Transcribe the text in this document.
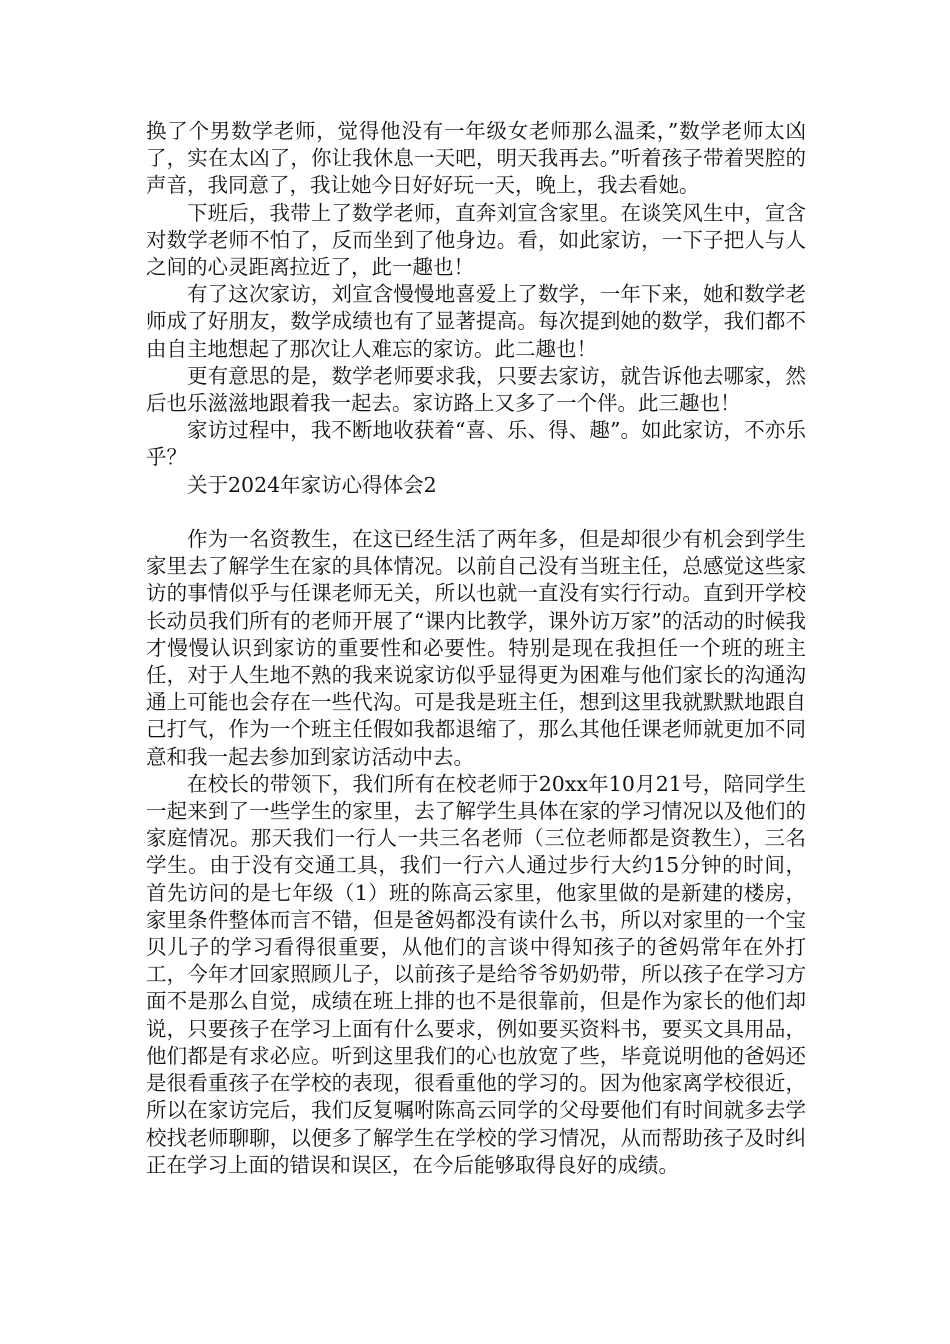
换了个男数学老师，觉得他没有一年级女老师那么温柔，”数学老师太凶了，实在太凶了，你让我休息一天吧，明天我再去。”听着孩子带着哭腔的声音，我同意了，我让她今日好好玩一天，晚上，我去看她。

下班后，我带上了数学老师，直奔刘宣含家里。在谈笑风生中，宣含对数学老师不怕了，反而坐到了他身边。看，如此家访，一下子把人与人之间的心灵距离拉近了，此一趣也！

有了这次家访，刘宣含慢慢地喜爱上了数学，一年下来，她和数学老师成了好朋友，数学成绩也有了显著提高。每次提到她的数学，我们都不由自主地想起了那次让人难忘的家访。此二趣也！

更有意思的是，数学老师要求我，只要去家访，就告诉他去哪家，然后也乐滋滋地跟着我一起去。家访路上又多了一个伴。此三趣也！

家访过程中，我不断地收获着“喜、乐、得、趣”。如此家访，不亦乐乎？

关于2024年家访心得体会2

作为一名资教生，在这已经生活了两年多，但是却很少有机会到学生家里去了解学生在家的具体情况。以前自己没有当班主任，总感觉这些家访的事情似乎与任课老师无关，所以也就一直没有实行行动。直到开学校长动员我们所有的老师开展了“课内比教学，课外访万家”的活动的时候我才慢慢认识到家访的重要性和必要性。特别是现在我担任一个班的班主任，对于人生地不熟的我来说家访似乎显得更为困难与他们家长的沟通沟通上可能也会存在一些代沟。可是我是班主任，想到这里我就默默地跟自己打气，作为一个班主任假如我都退缩了，那么其他任课老师就更加不同意和我一起去参加到家访活动中去。

在校长的带领下，我们所有在校老师于20xx年10月21号，陪同学生一起来到了一些学生的家里，去了解学生具体在家的学习情况以及他们的家庭情况。那天我们一行人一共三名老师（三位老师都是资教生），三名学生。由于没有交通工具，我们一行六人通过步行大约15分钟的时间，首先访问的是七年级（1）班的陈高云家里，他家里做的是新建的楼房，家里条件整体而言不错，但是爸妈都没有读什么书，所以对家里的一个宝贝儿子的学习看得很重要，从他们的言谈中得知孩子的爸妈常年在外打工，今年才回家照顾儿子，以前孩子是给爷爷奶奶带，所以孩子在学习方面不是那么自觉，成绩在班上排的也不是很靠前，但是作为家长的他们却说，只要孩子在学习上面有什么要求，例如要买资料书，要买文具用品，他们都是有求必应。听到这里我们的心也放宽了些，毕竟说明他的爸妈还是很看重孩子在学校的表现，很看重他的学习的。因为他家离学校很近，所以在家访完后，我们反复嘱咐陈高云同学的父母要他们有时间就多去学校找老师聊聊，以便多了解学生在学校的学习情况，从而帮助孩子及时纠正在学习上面的错误和误区，在今后能够取得良好的成绩。
